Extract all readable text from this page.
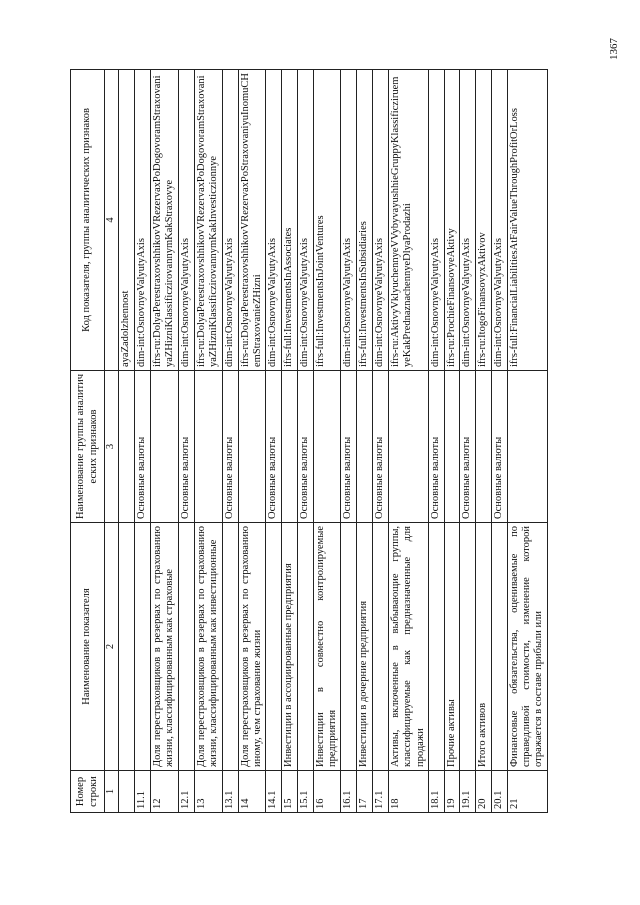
1367
Номер строки	Наименование показателя	Наименование группы аналитических признаков	Код показателя, группы аналитических признаков
1	2	3	4
			ayaZadolzhennost
11.1		Основные валюты	dim-int:OsnovnyeValyutyAxis
12	Доля перестраховщиков в резервах по страхованию жизни, классифицированным как страховые		ifrs-ru:DolyaPerestraxovshhikovVRezervaxPoDogovoramStraxovaniyaZHizniKlassificzirovannymKakStraxovye
12.1		Основные валюты	dim-int:OsnovnyeValyutyAxis
13	Доля перестраховщиков в резервах по страхованию жизни, классифицированным как инвестиционные		ifrs-ru:DolyaPerestraxovshhikovVRezervaxPoDogovoramStraxovaniyaZHizniKlassificzirovannymKakInvesticzionnye
13.1		Основные валюты	dim-int:OsnovnyeValyutyAxis
14	Доля перестраховщиков в резервах по страхованию иному, чем страхование жизни		ifrs-ru:DolyaPerestraxovshhikovVRezervaxPoStraxovaniyuInomuCHemStraxovanieZHizni
14.1		Основные валюты	dim-int:OsnovnyeValyutyAxis
15	Инвестиции в ассоциированные предприятия		ifrs-full:InvestmentsInAssociates
15.1		Основные валюты	dim-int:OsnovnyeValyutyAxis
16	Инвестиции в совместно контролируемые предприятия		ifrs-full:InvestmentsInJointVentures
16.1		Основные валюты	dim-int:OsnovnyeValyutyAxis
17	Инвестиции в дочерние предприятия		ifrs-full:InvestmentsInSubsidiaries
17.1		Основные валюты	dim-int:OsnovnyeValyutyAxis
18	Активы, включенные в выбывающие группы, классифицируемые как предназначенные для продажи		ifrs-ru:AktivyVklyuchennyeVVybyvayushhieGruppyKlassificziruemyeKakPrednaznachennyeDlyaProdazhi
18.1		Основные валюты	dim-int:OsnovnyeValyutyAxis
19	Прочие активы		ifrs-ru:ProchieFinansovyeAktivy
19.1		Основные валюты	dim-int:OsnovnyeValyutyAxis
20	Итого активов		ifrs-ru:ItogoFinansovyxAktivov
20.1		Основные валюты	dim-int:OsnovnyeValyutyAxis
21	Финансовые обязательства, оцениваемые по справедливой стоимости, изменение которой отражается в составе прибыли или		ifrs-full:FinancialLiabilitiesAtFairValueThroughProfitOrLoss
